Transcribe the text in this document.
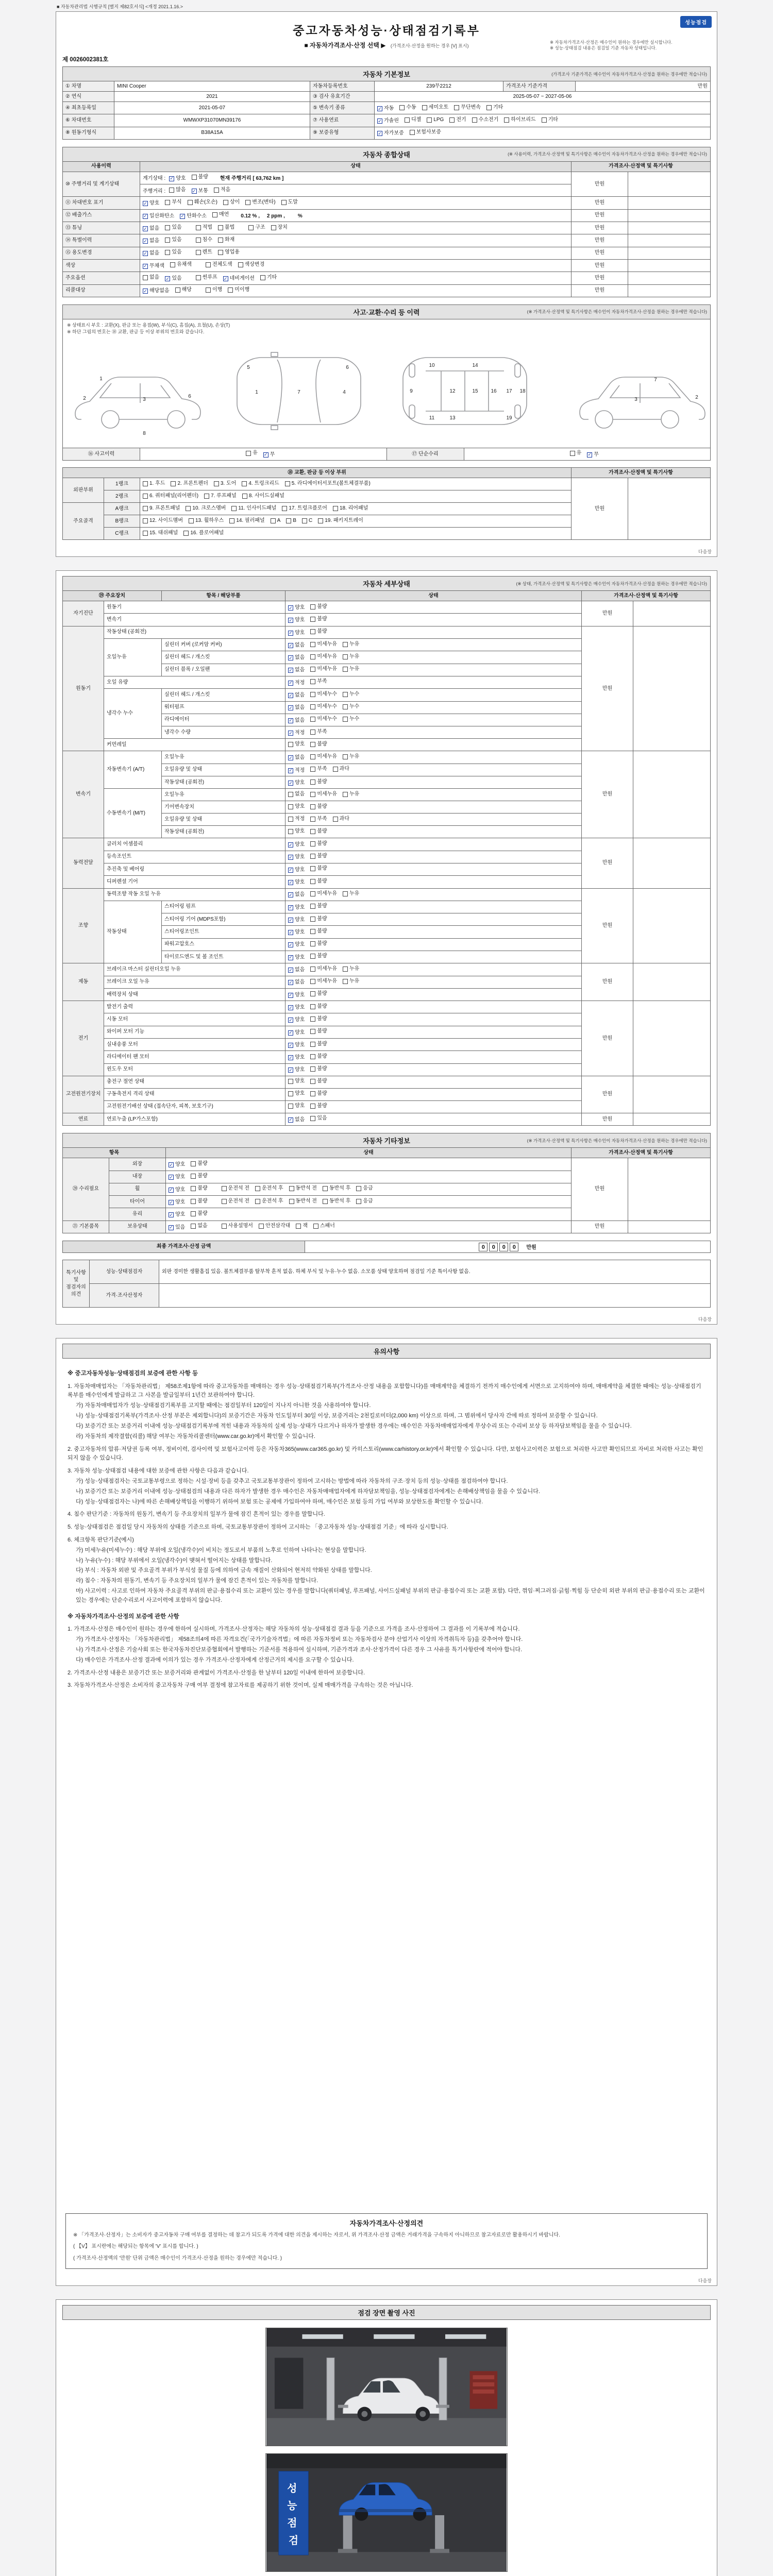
■ 자동차관리법 시행규칙 [별지 제82호서식] <개정 2021.1.16.>
성능점검
중고자동차성능·상태점검기록부
■ 자동차가격조사·산정 선택 ▶ (가격조사·산정을 원하는 경우 [V] 표시)
※ 자동차가격조사·산정은 매수인이 원하는 경우에만 실시합니다.
※ 성능·상태점검 내용은 점검일 기준 자동차 상태입니다.
제 0026002381호
자동차 기본정보	(가격조사 기준가격은 매수인이 자동차가격조사·산정을 원하는 경우에만 적습니다)
① 차명	MINI Cooper	자동차등록번호	239무2212	가격조사 기준가격	만원
② 연식	2021	③ 검사 유효기간	2025-05-07 ~ 2027-05-06		
④ 최초등록일	2021-05-07	⑤ 변속기 종류	✓ 자동 수동 세미오토 무단변속 기타

⑥ 차대번호	WMWXP31070MN39176	⑦ 사용연료	✓ 가솔린 디젤 LPG 전기 수소전기 하이브리드 기타

⑧ 원동기형식	B38A15A	⑨ 보증유형	✓ 자가보증 보험사보증		
자동차 종합상태	(※ 사용이력, 가격조사·산정액 및 특기사항은 매수인이 자동차가격조사·산정을 원하는 경우에만 적습니다)
사용이력	상태	가격조사·산정액 및 특기사항	
⑩ 주행거리 및 계기상태	계기상태 : ✓ 양호 불량 현재 주행거리 [ 63,762 km ]	만원	
	주행거리 : 많음 ✓ 보통 적음		

⑪ 차대번호 표기	✓ 양호 부식 훼손(오손) 상이 변조(변타) 도말	만원	
⑫ 배출가스	✓ 일산화탄소 ✓ 탄화수소 매연 0.12 % ,     2 ppm ,         %	만원	
⑬ 튜닝	✓ 없음 있음	적법 불법	구조 장치	만원	
⑭ 특별이력	✓ 없음 있음 침수 화재	만원	
⑮ 용도변경	✓ 없음 있음 렌트 영업용	만원	
색상	✓ 무채색 유채색 전체도색 색상변경	만원	
주요옵션	없음 ✓ 있음	썬루프 ✓ 네비게이션 기타	만원	
리콜대상	✓ 해당없음 해당 이행 미이행	만원	
사고·교환·수리 등 이력	(※ 가격조사·산정액 및 특기사항은 매수인이 자동차가격조사·산정을 원하는 경우에만 적습니다)
※ 상태표시 부호 : 교환(X), 판금 또는 용접(W), 부식(C), 흠집(A), 요철(U), 손상(T)
※ 하단 그림의 번호는 ⑱ 교환, 판금 등 이상 부위의 번호와 같습니다.
1
2	3
6
8
1	7	4
5	6
9
10
11
12
13
14
15 16 17 18
19
2
3
7
⑯ 사고이력	유 ✓ 무	⑰ 단순수리	유 ✓ 무
⑱ 교환, 판금 등 이상 부위			가격조사·산정액 및 특기사항	
외판부위	1랭크	1. 후드 2. 프론트펜더 3. 도어 4. 트렁크리드 5. 라디에이터서포트(볼트체결부품)	만원	
	2랭크	6. 쿼터패널(리어펜더) 7. 루프패널 8. 사이드실패널		

주요골격	A랭크	9. 프론트패널 10. 크로스멤버 11. 인사이드패널 17. 트렁크플로어 18. 리어패널		

B랭크	12. 사이드멤버 13. 휠하우스 14. 필러패널 A B C 19. 패키지트레이

	C랭크	15. 대쉬패널 16. 플로어패널		
다음장
자동차 세부상태	(※ 상태, 가격조사·산정액 및 특기사항은 매수인이 자동차가격조사·산정을 원하는 경우에만 적습니다)
⑲ 주요장치		항목 / 해당부품	상태	가격조사·산정액 및 특기사항	
자기진단	원동기		✓ 양호 불량	만원	
	변속기		✓ 양호 불량		

원동기	작동상태 (공회전)		✓ 양호 불량	만원	
	오일누유	실린더 커버 (로커암 커버)	✓ 없음 미세누유 누유		

		실린더 헤드 / 개스킷	✓ 없음 미세누유 누유		

		실린더 블록 / 오일팬	✓ 없음 미세누유 누유		

	오일 유량		✓ 적정 부족		

	냉각수 누수	실린더 헤드 / 개스킷	✓ 없음 미세누수 누수		

		워터펌프	✓ 없음 미세누수 누수		

		라디에이터	✓ 없음 미세누수 누수		

		냉각수 수량	✓ 적정 부족		

	커먼레일		양호 불량		

변속기	자동변속기 (A/T)	오일누유	✓ 없음 미세누유 누유	만원	
		오일유량 및 상태	✓ 적정 부족 과다		

		작동상태 (공회전)	✓ 양호 불량		

	수동변속기 (M/T)	오일누유	없음 미세누유 누유		

		기어변속장치	양호 불량		

		오일유량 및 상태	적정 부족 과다		

		작동상태 (공회전)	양호 불량		

동력전달	클러치 어셈블리		✓ 양호 불량	만원	
	등속조인트		✓ 양호 불량		

	추진축 및 베어링		✓ 양호 불량		

	디퍼렌셜 기어		✓ 양호 불량		

조향	동력조향 작동 오일 누유		✓ 없음 미세누유 누유	만원	
	작동상태	스티어링 펌프	✓ 양호 불량		

		스티어링 기어 (MDPS포함)	✓ 양호 불량		

		스티어링조인트	✓ 양호 불량		

		파워고압호스	✓ 양호 불량		

		타이로드엔드 및 볼 조인트	✓ 양호 불량		

제동	브레이크 마스터 실린더오일 누유		✓ 없음 미세누유 누유	만원	
	브레이크 오일 누유		✓ 없음 미세누유 누유		

	배력장치 상태		✓ 양호 불량		

전기	발전기 출력		✓ 양호 불량	만원	
	시동 모터		✓ 양호 불량		

	와이퍼 모터 기능		✓ 양호 불량		

	실내송풍 모터		✓ 양호 불량		

	라디에이터 팬 모터		✓ 양호 불량		

	윈도우 모터		✓ 양호 불량		

고전원전기장치	충전구 절연 상태		양호 불량	만원	
	구동축전지 격리 상태		양호 불량		

	고전원전기배선 상태 (접속단자, 피복, 보호기구)		양호 불량		

연료	연료누출 (LP가스포함)		✓ 없음 있음	만원	
자동차 기타정보	(※ 가격조사·산정액 및 특기사항은 매수인이 자동차가격조사·산정을 원하는 경우에만 적습니다)
항목		상태	가격조사·산정액 및 특기사항	
⑳ 수리필요	외장	✓ 양호 불량	만원	
	내장	✓ 양호 불량		

휠	✓ 양호 불량	운전석 전 운전석 후 동반석 전 동반석 후 응급

타이어	✓ 양호 불량	운전석 전 운전석 후 동반석 전 동반석 후 응급

	유리	✓ 양호 불량		

㉑ 기본품목	보유상태	✓ 있음 없음	사용설명서 안전삼각대 잭 스패너	만원	
최종 가격조사·산정 금액	0 0 0 0 만원
특기사항 및 점검자의 의견	성능·상태점검자	외판 경미한 생활흠집 있음. 볼트체결부품 탈부착 흔적 없음. 하체 부식 및 누유·누수 없음. 소모품 상태 양호하며 점검일 기준 특이사항 없음.
	가격·조사산정자	
다음장
유의사항
※ 중고자동차성능·상태점검의 보증에 관한 사항 등
1. 자동차매매업자는 「자동차관리법」 제58조제1항에 따라 중고자동차를 매매하는 경우 성능·상태점검기록부(가격조사·산정 내용을 포함합니다)를 매매계약을 체결하기 전까지 매수인에게 서면으로 고지하여야 하며, 매매계약을 체결한 때에는 성능·상태점검기록부를 매수인에게 발급하고 그 사본을 발급일부터 1년간 보관하여야 합니다.
가) 자동차매매업자가 성능·상태점검기록부를 고지할 때에는 점검일부터 120일이 지나지 아니한 것을 사용하여야 합니다.
나) 성능·상태점검기록부(가격조사·산정 부분은 제외합니다)의 보증기간은 자동차 인도일부터 30일 이상, 보증거리는 2천킬로미터(2,000 km) 이상으로 하며, 그 범위에서 당사자 간에 따로 정하여 보증할 수 있습니다.
다) 보증기간 또는 보증거리 이내에 성능·상태점검기록부에 적힌 내용과 자동차의 실제 성능·상태가 다르거나 하자가 발생한 경우에는 매수인은 자동차매매업자에게 무상수리 또는 수리비 보상 등 하자담보책임을 물을 수 있습니다.
라) 자동차의 제작결함(리콜) 해당 여부는 자동차리콜센터(www.car.go.kr)에서 확인할 수 있습니다.
2. 중고자동차의 압류·저당권 등록 여부, 정비이력, 검사이력 및 보험사고이력 등은 자동차365(www.car365.go.kr) 및 카히스토리(www.carhistory.or.kr)에서 확인할 수 있습니다. 다만, 보험사고이력은 보험으로 처리한 사고만 확인되므로 자비로 처리한 사고는 확인되지 않을 수 있습니다.
3. 자동차 성능·상태점검 내용에 대한 보증에 관한 사항은 다음과 같습니다.
가) 성능·상태점검자는 국토교통부령으로 정하는 시설·장비 등을 갖추고 국토교통부장관이 정하여 고시하는 방법에 따라 자동차의 구조·장치 등의 성능·상태를 점검하여야 합니다.
나) 보증기간 또는 보증거리 이내에 성능·상태점검의 내용과 다른 하자가 발생한 경우 매수인은 자동차매매업자에게 하자담보책임을, 성능·상태점검자에게는 손해배상책임을 물을 수 있습니다.
다) 성능·상태점검자는 나)에 따른 손해배상책임을 이행하기 위하여 보험 또는 공제에 가입하여야 하며, 매수인은 보험 등의 가입 여부와 보상한도를 확인할 수 있습니다.
4. 침수 판단기준 : 자동차의 원동기, 변속기 등 주요장치의 일부가 물에 잠긴 흔적이 있는 경우를 말합니다.
5. 성능·상태점검은 점검일 당시 자동차의 상태를 기준으로 하며, 국토교통부장관이 정하여 고시하는 「중고자동차 성능·상태점검 기준」에 따라 실시합니다.
6. 체크항목 판단기준(예시)
가) 미세누유(미세누수) : 해당 부위에 오일(냉각수)이 비치는 정도로서 부품의 노후로 인하여 나타나는 현상을 말합니다.
나) 누유(누수) : 해당 부위에서 오일(냉각수)이 맺혀서 떨어지는 상태를 말합니다.
다) 부식 : 자동차 외판 및 주요골격 부위가 부식성 물질 등에 의하여 금속 재질이 산화되어 현저히 약화된 상태를 말합니다.
라) 침수 : 자동차의 원동기, 변속기 등 주요장치의 일부가 물에 잠긴 흔적이 있는 자동차를 말합니다.
마) 사고이력 : 사고로 인하여 자동차 주요골격 부위의 판금·용접수리 또는 교환이 있는 경우를 말합니다(쿼터패널, 루프패널, 사이드실패널 부위의 판금·용접수리 또는 교환 포함). 다만, 꺾임·찌그러짐·긁힘·찍힘 등 단순히 외판 부위의 판금·용접수리 또는 교환이 있는 경우에는 단순수리로서 사고이력에 포함하지 않습니다.
※ 자동차가격조사·산정의 보증에 관한 사항
1. 가격조사·산정은 매수인이 원하는 경우에 한하여 실시하며, 가격조사·산정자는 해당 자동차의 성능·상태점검 결과 등을 기준으로 가격을 조사·산정하여 그 결과를 이 기록부에 적습니다.
가) 가격조사·산정자는 「자동차관리법」 제58조의4에 따른 자격요건(「국가기술자격법」에 따른 자동차정비 또는 자동차검사 분야 산업기사 이상의 자격취득자 등)을 갖추어야 합니다.
나) 가격조사·산정은 기술사회 또는 한국자동차진단보증협회에서 발행하는 기준서를 적용하여 실시하며, 기준가격과 조사·산정가격이 다른 경우 그 사유를 특기사항란에 적어야 합니다.
다) 매수인은 가격조사·산정 결과에 이의가 있는 경우 가격조사·산정자에게 산정근거의 제시를 요구할 수 있습니다.
2. 가격조사·산정 내용은 보증기간 또는 보증거리와 관계없이 가격조사·산정을 한 날부터 120일 이내에 한하여 보증합니다.
3. 자동차가격조사·산정은 소비자의 중고자동차 구매 여부 결정에 참고자료를 제공하기 위한 것이며, 실제 매매가격을 구속하는 것은 아닙니다.
자동차가격조사·산정의견
※ 「가격조사·산정자」는 소비자가 중고자동차 구매 여부를 결정하는 데 참고가 되도록 가격에 대한 의견을 제시하는 자로서, 위 가격조사·산정 금액은 거래가격을 구속하지 아니하므로 참고자료로만 활용하시기 바랍니다.
( 【V】 표시란에는 해당되는 항목에 'V' 표시를 합니다. )
( 가격조사·산정액의 '만원' 단위 금액은 매수인이 가격조사·산정을 원하는 경우에만 적습니다. )
다음장
점검 장면 촬영 사진
성 능 점 검
